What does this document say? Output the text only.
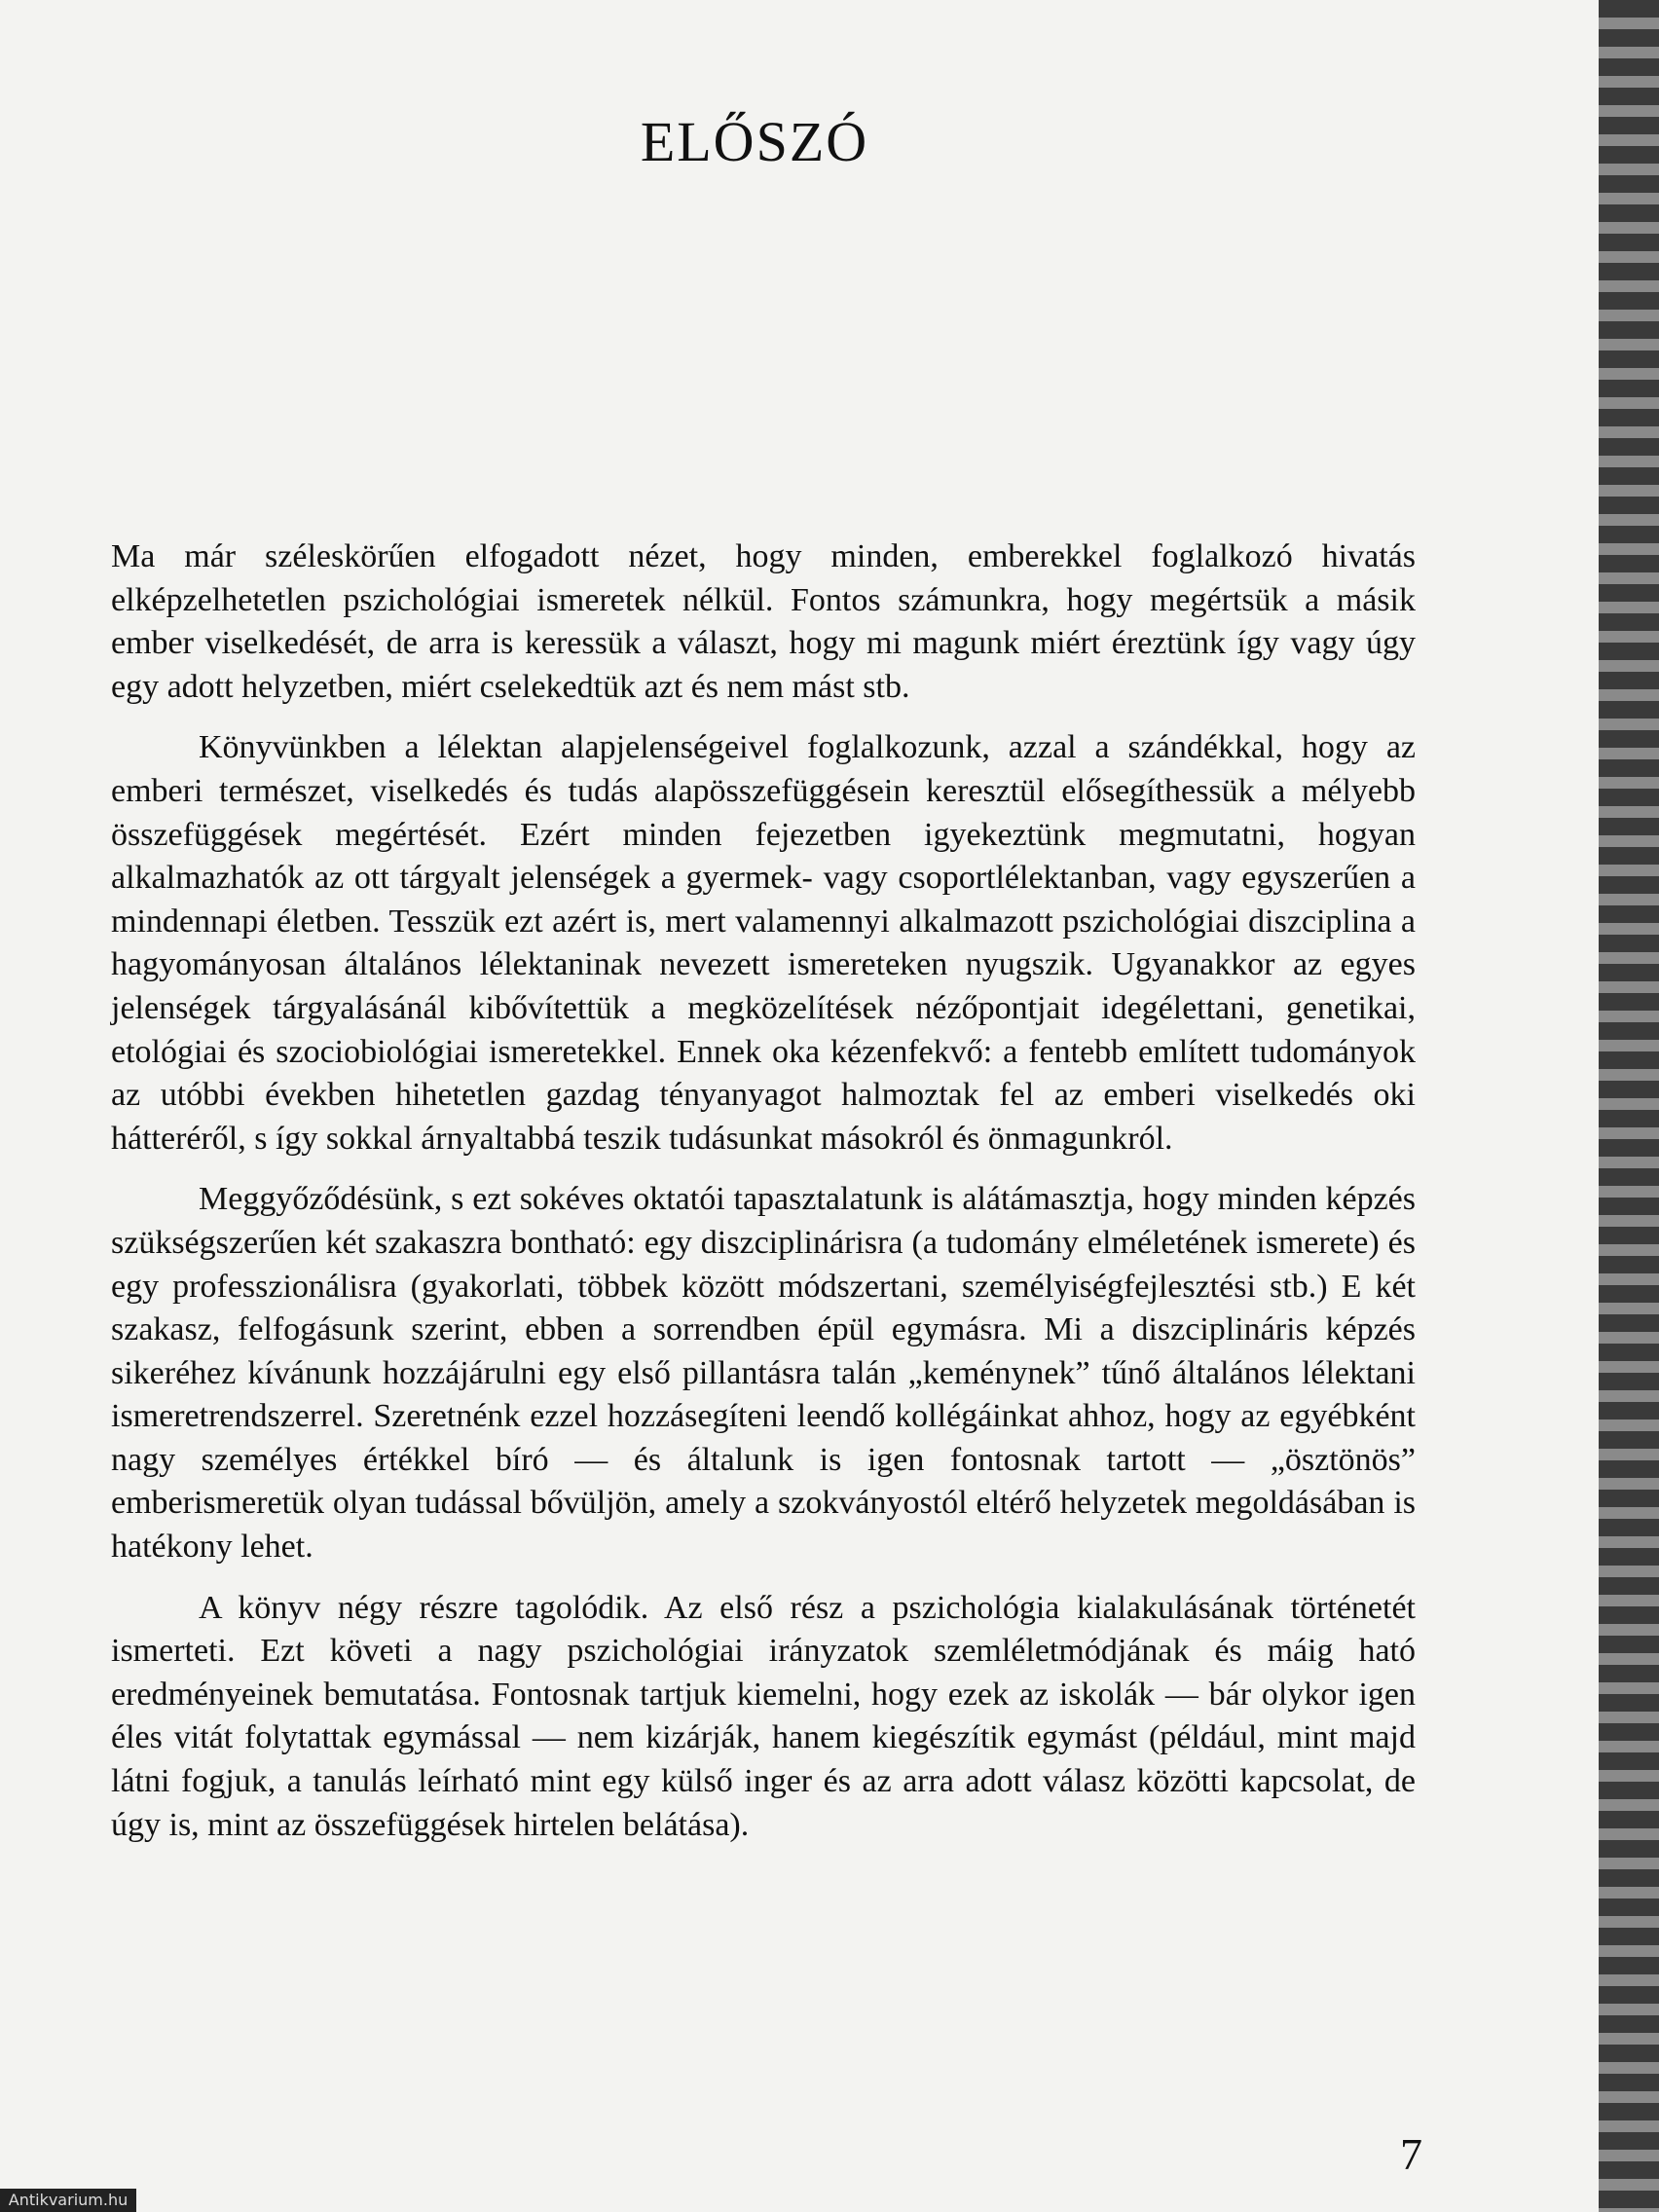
ELŐSZÓ

Ma már széleskörűen elfogadott nézet, hogy minden, emberekkel foglalkozó hivatás elképzelhetetlen pszichológiai ismeretek nélkül. Fontos számunkra, hogy megértsük a másik ember viselkedését, de arra is keressük a választ, hogy mi magunk miért éreztünk így vagy úgy egy adott helyzetben, miért cselekedtük azt és nem mást stb.

Könyvünkben a lélektan alapjelenségeivel foglalkozunk, azzal a szándékkal, hogy az emberi természet, viselkedés és tudás alapösszefüggésein keresztül elősegíthessük a mélyebb összefüggések megértését. Ezért minden fejezetben igyekeztünk megmutatni, hogyan alkalmazhatók az ott tárgyalt jelenségek a gyermek- vagy csoportlélektanban, vagy egyszerűen a mindennapi életben. Tesszük ezt azért is, mert valamennyi alkalmazott pszichológiai diszciplina a hagyományosan általános lélektaninak nevezett ismereteken nyugszik. Ugyanakkor az egyes jelenségek tárgyalásánál kibővítettük a megközelítések nézőpontjait idegélettani, genetikai, etológiai és szociobiológiai ismeretekkel. Ennek oka kézenfekvő: a fentebb említett tudományok az utóbbi években hihetetlen gazdag tényanyagot halmoztak fel az emberi viselkedés oki hátteréről, s így sokkal árnyaltabbá teszik tudásunkat másokról és önmagunkról.

Meggyőződésünk, s ezt sokéves oktatói tapasztalatunk is alátámasztja, hogy minden képzés szükségszerűen két szakaszra bontható: egy diszciplinárisra (a tudomány elméletének ismerete) és egy professzionálisra (gyakorlati, többek között módszertani, személyiségfejlesztési stb.) E két szakasz, felfogásunk szerint, ebben a sorrendben épül egymásra. Mi a diszciplináris képzés sikeréhez kívánunk hozzájárulni egy első pillantásra talán „keménynek” tűnő általános lélektani ismeretrendszerrel. Szeretnénk ezzel hozzásegíteni leendő kollégáinkat ahhoz, hogy az egyébként nagy személyes értékkel bíró — és általunk is igen fontosnak tartott — „ösztönös” emberismeretük olyan tudással bővüljön, amely a szokványostól eltérő helyzetek megoldásában is hatékony lehet.

A könyv négy részre tagolódik. Az első rész a pszichológia kialakulásának történetét ismerteti. Ezt követi a nagy pszichológiai irányzatok szemléletmódjának és máig ható eredményeinek bemutatása. Fontosnak tartjuk kiemelni, hogy ezek az iskolák — bár olykor igen éles vitát folytattak egymással — nem kizárják, hanem kiegészítik egymást (például, mint majd látni fogjuk, a tanulás leírható mint egy külső inger és az arra adott válasz közötti kapcsolat, de úgy is, mint az összefüggések hirtelen belátása).

7
Antikvarium.hu
